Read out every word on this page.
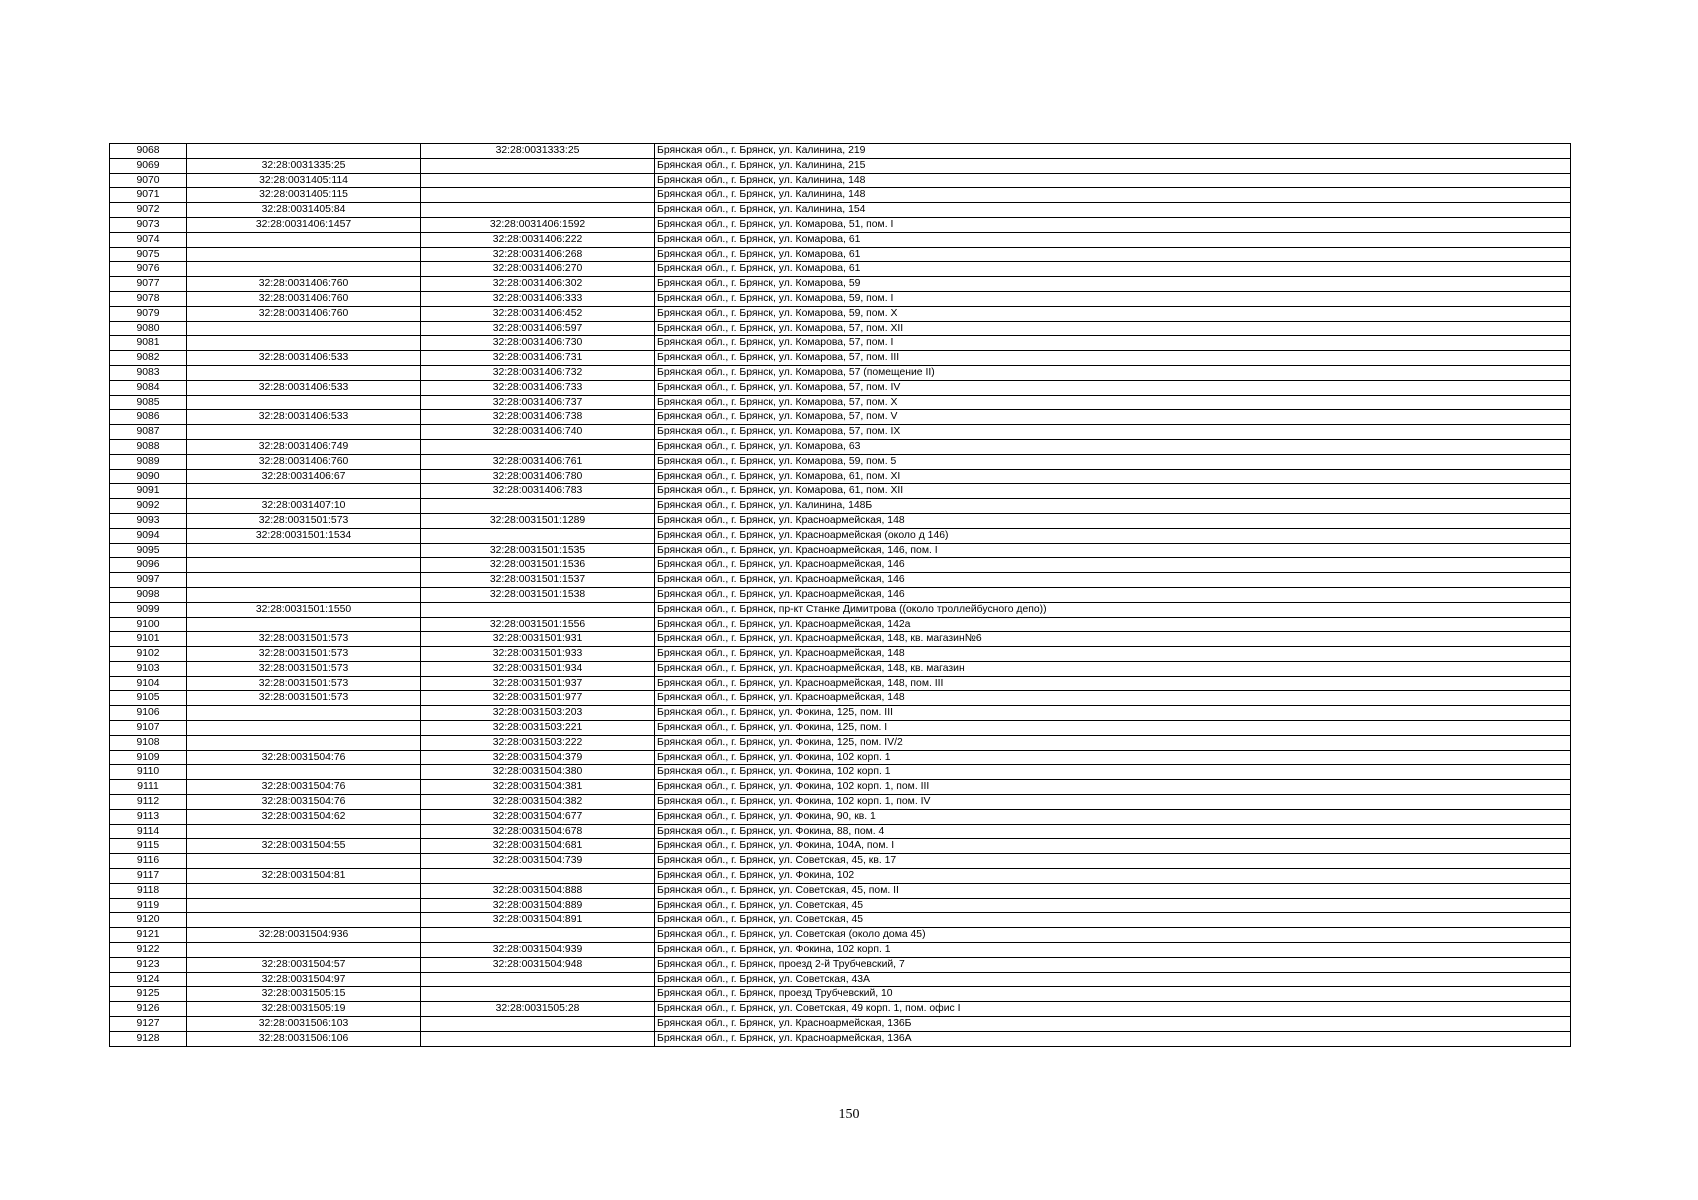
9068		32:28:0031333:25	Брянская обл., г. Брянск, ул. Калинина, 219
9069	32:28:0031335:25		Брянская обл., г. Брянск, ул. Калинина, 215
9070	32:28:0031405:114		Брянская обл., г. Брянск, ул. Калинина, 148
9071	32:28:0031405:115		Брянская обл., г. Брянск, ул. Калинина, 148
9072	32:28:0031405:84		Брянская обл., г. Брянск, ул. Калинина, 154
9073	32:28:0031406:1457	32:28:0031406:1592	Брянская обл., г. Брянск, ул. Комарова, 51, пом. I
9074		32:28:0031406:222	Брянская обл., г. Брянск, ул. Комарова, 61
9075		32:28:0031406:268	Брянская обл., г. Брянск, ул. Комарова, 61
9076		32:28:0031406:270	Брянская обл., г. Брянск, ул. Комарова, 61
9077	32:28:0031406:760	32:28:0031406:302	Брянская обл., г. Брянск, ул. Комарова, 59
9078	32:28:0031406:760	32:28:0031406:333	Брянская обл., г. Брянск, ул. Комарова, 59, пом. I
9079	32:28:0031406:760	32:28:0031406:452	Брянская обл., г. Брянск, ул. Комарова, 59, пом. X
9080		32:28:0031406:597	Брянская обл., г. Брянск, ул. Комарова, 57, пом. XII
9081		32:28:0031406:730	Брянская обл., г. Брянск, ул. Комарова, 57, пом. I
9082	32:28:0031406:533	32:28:0031406:731	Брянская обл., г. Брянск, ул. Комарова, 57, пом. III
9083		32:28:0031406:732	Брянская обл., г. Брянск, ул. Комарова, 57 (помещение II)
9084	32:28:0031406:533	32:28:0031406:733	Брянская обл., г. Брянск, ул. Комарова, 57, пом. IV
9085		32:28:0031406:737	Брянская обл., г. Брянск, ул. Комарова, 57, пом. X
9086	32:28:0031406:533	32:28:0031406:738	Брянская обл., г. Брянск, ул. Комарова, 57, пом. V
9087		32:28:0031406:740	Брянская обл., г. Брянск, ул. Комарова, 57, пом. IX
9088	32:28:0031406:749		Брянская обл., г. Брянск, ул. Комарова, 63
9089	32:28:0031406:760	32:28:0031406:761	Брянская обл., г. Брянск, ул. Комарова, 59, пом. 5
9090	32:28:0031406:67	32:28:0031406:780	Брянская обл., г. Брянск, ул. Комарова, 61, пом. XI
9091		32:28:0031406:783	Брянская обл., г. Брянск, ул. Комарова, 61, пом. XII
9092	32:28:0031407:10		Брянская обл., г. Брянск, ул. Калинина, 148Б
9093	32:28:0031501:573	32:28:0031501:1289	Брянская обл., г. Брянск, ул. Красноармейская, 148
9094	32:28:0031501:1534		Брянская обл., г. Брянск, ул. Красноармейская (около д 146)
9095		32:28:0031501:1535	Брянская обл., г. Брянск, ул. Красноармейская, 146, пом. I
9096		32:28:0031501:1536	Брянская обл., г. Брянск, ул. Красноармейская, 146
9097		32:28:0031501:1537	Брянская обл., г. Брянск, ул. Красноармейская, 146
9098		32:28:0031501:1538	Брянская обл., г. Брянск, ул. Красноармейская, 146
9099	32:28:0031501:1550		Брянская обл., г. Брянск, пр-кт Станке Димитрова ((около троллейбусного депо))
9100		32:28:0031501:1556	Брянская обл., г. Брянск, ул. Красноармейская, 142а
9101	32:28:0031501:573	32:28:0031501:931	Брянская обл., г. Брянск, ул. Красноармейская, 148, кв. магазин№6
9102	32:28:0031501:573	32:28:0031501:933	Брянская обл., г. Брянск, ул. Красноармейская, 148
9103	32:28:0031501:573	32:28:0031501:934	Брянская обл., г. Брянск, ул. Красноармейская, 148, кв. магазин
9104	32:28:0031501:573	32:28:0031501:937	Брянская обл., г. Брянск, ул. Красноармейская, 148, пом. III
9105	32:28:0031501:573	32:28:0031501:977	Брянская обл., г. Брянск, ул. Красноармейская, 148
9106		32:28:0031503:203	Брянская обл., г. Брянск, ул. Фокина, 125, пом. III
9107		32:28:0031503:221	Брянская обл., г. Брянск, ул. Фокина, 125, пом. I
9108		32:28:0031503:222	Брянская обл., г. Брянск, ул. Фокина, 125, пом. IV/2
9109	32:28:0031504:76	32:28:0031504:379	Брянская обл., г. Брянск, ул. Фокина, 102 корп. 1
9110		32:28:0031504:380	Брянская обл., г. Брянск, ул. Фокина, 102 корп. 1
9111	32:28:0031504:76	32:28:0031504:381	Брянская обл., г. Брянск, ул. Фокина, 102 корп. 1, пом. III
9112	32:28:0031504:76	32:28:0031504:382	Брянская обл., г. Брянск, ул. Фокина, 102 корп. 1, пом. IV
9113	32:28:0031504:62	32:28:0031504:677	Брянская обл., г. Брянск, ул. Фокина, 90, кв. 1
9114		32:28:0031504:678	Брянская обл., г. Брянск, ул. Фокина, 88, пом. 4
9115	32:28:0031504:55	32:28:0031504:681	Брянская обл., г. Брянск, ул. Фокина, 104А, пом. I
9116		32:28:0031504:739	Брянская обл., г. Брянск, ул. Советская, 45, кв. 17
9117	32:28:0031504:81		Брянская обл., г. Брянск, ул. Фокина, 102
9118		32:28:0031504:888	Брянская обл., г. Брянск, ул. Советская, 45, пом. II
9119		32:28:0031504:889	Брянская обл., г. Брянск, ул. Советская, 45
9120		32:28:0031504:891	Брянская обл., г. Брянск, ул. Советская, 45
9121	32:28:0031504:936		Брянская обл., г. Брянск, ул. Советская (около дома 45)
9122		32:28:0031504:939	Брянская обл., г. Брянск, ул. Фокина, 102 корп. 1
9123	32:28:0031504:57	32:28:0031504:948	Брянская обл., г. Брянск, проезд 2-й Трубчевский, 7
9124	32:28:0031504:97		Брянская обл., г. Брянск, ул. Советская, 43А
9125	32:28:0031505:15		Брянская обл., г. Брянск, проезд Трубчевский, 10
9126	32:28:0031505:19	32:28:0031505:28	Брянская обл., г. Брянск, ул. Советская, 49 корп. 1, пом. офис I
9127	32:28:0031506:103		Брянская обл., г. Брянск, ул. Красноармейская, 136Б
9128	32:28:0031506:106		Брянская обл., г. Брянск, ул. Красноармейская, 136А
150
